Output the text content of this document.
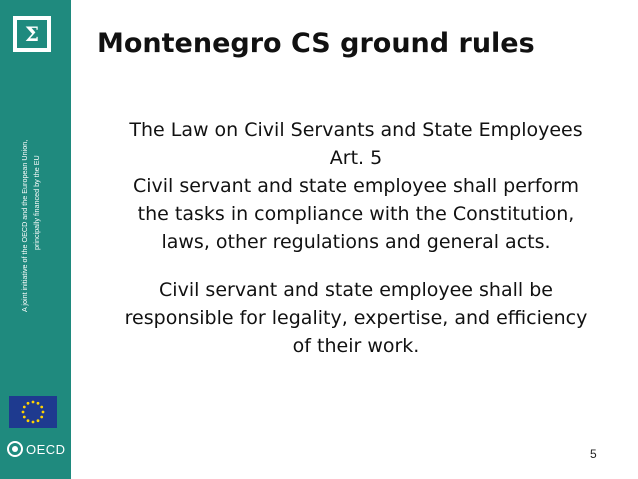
Σ
A joint initiative of the OECD and the European Union, principally financed by the EU
OECD
Montenegro CS ground rules

The Law on Civil Servants and State Employees

Art. 5

Civil servant and state employee shall perform

the tasks in compliance with the Constitution,

laws, other regulations and general acts.

Civil servant and state employee shall be

responsible for legality, expertise, and efficiency

of their work.

5
